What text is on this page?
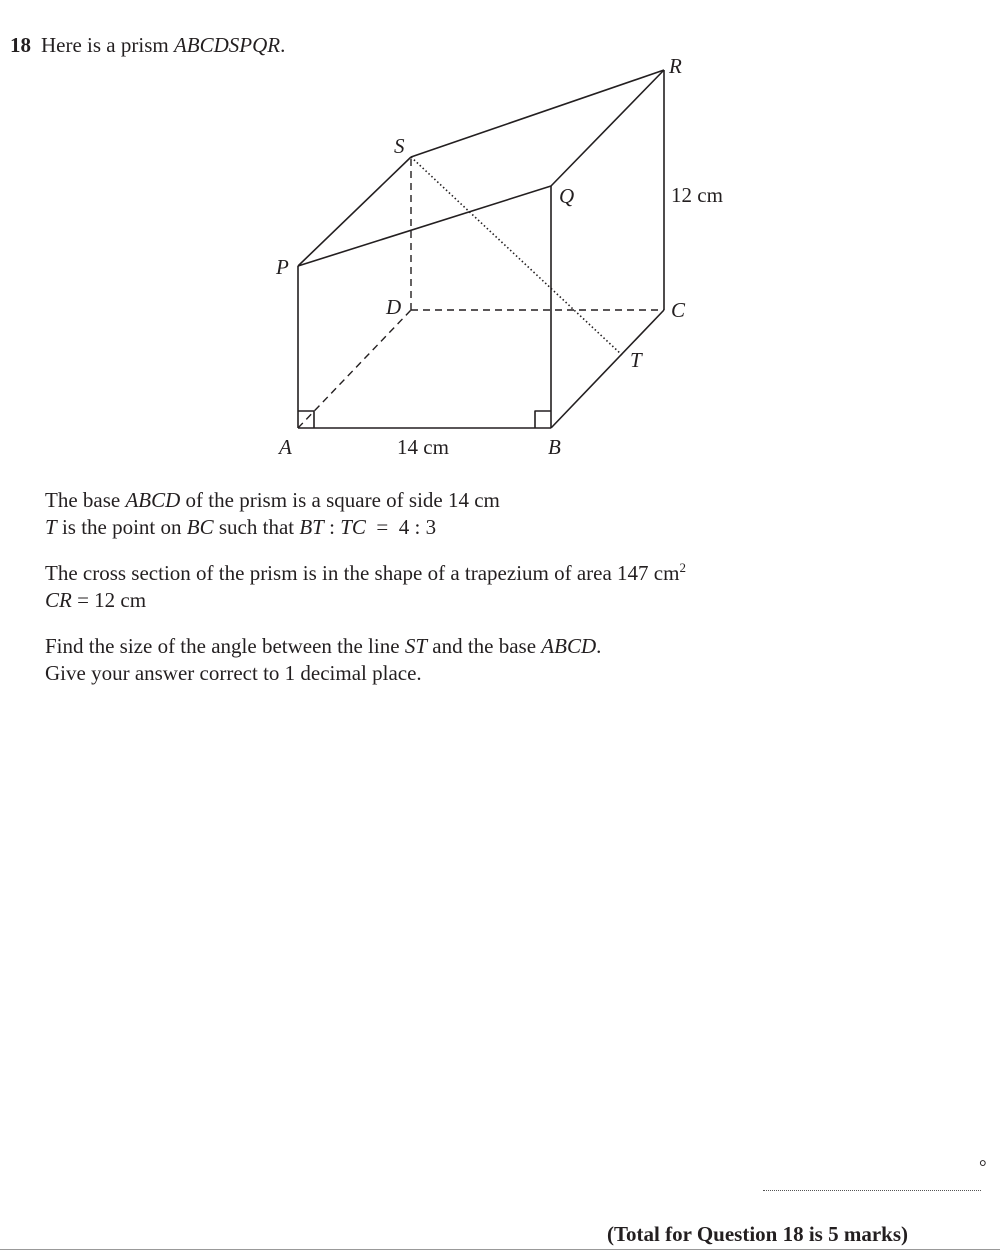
18 Here is a prism ABCDSPQR.
R
S
Q
P
D	C
T
A	B
12 cm
14 cm
The base ABCD of the prism is a square of side 14 cm
T is the point on BC such that BT : TC  =  4 : 3
The cross section of the prism is in the shape of a trapezium of area 147 $cm^2$
CR = 12 cm
Find the size of the angle between the line ST and the base ABCD.
Give your answer correct to 1 decimal place.
°
(Total for Question 18 is 5 marks)
